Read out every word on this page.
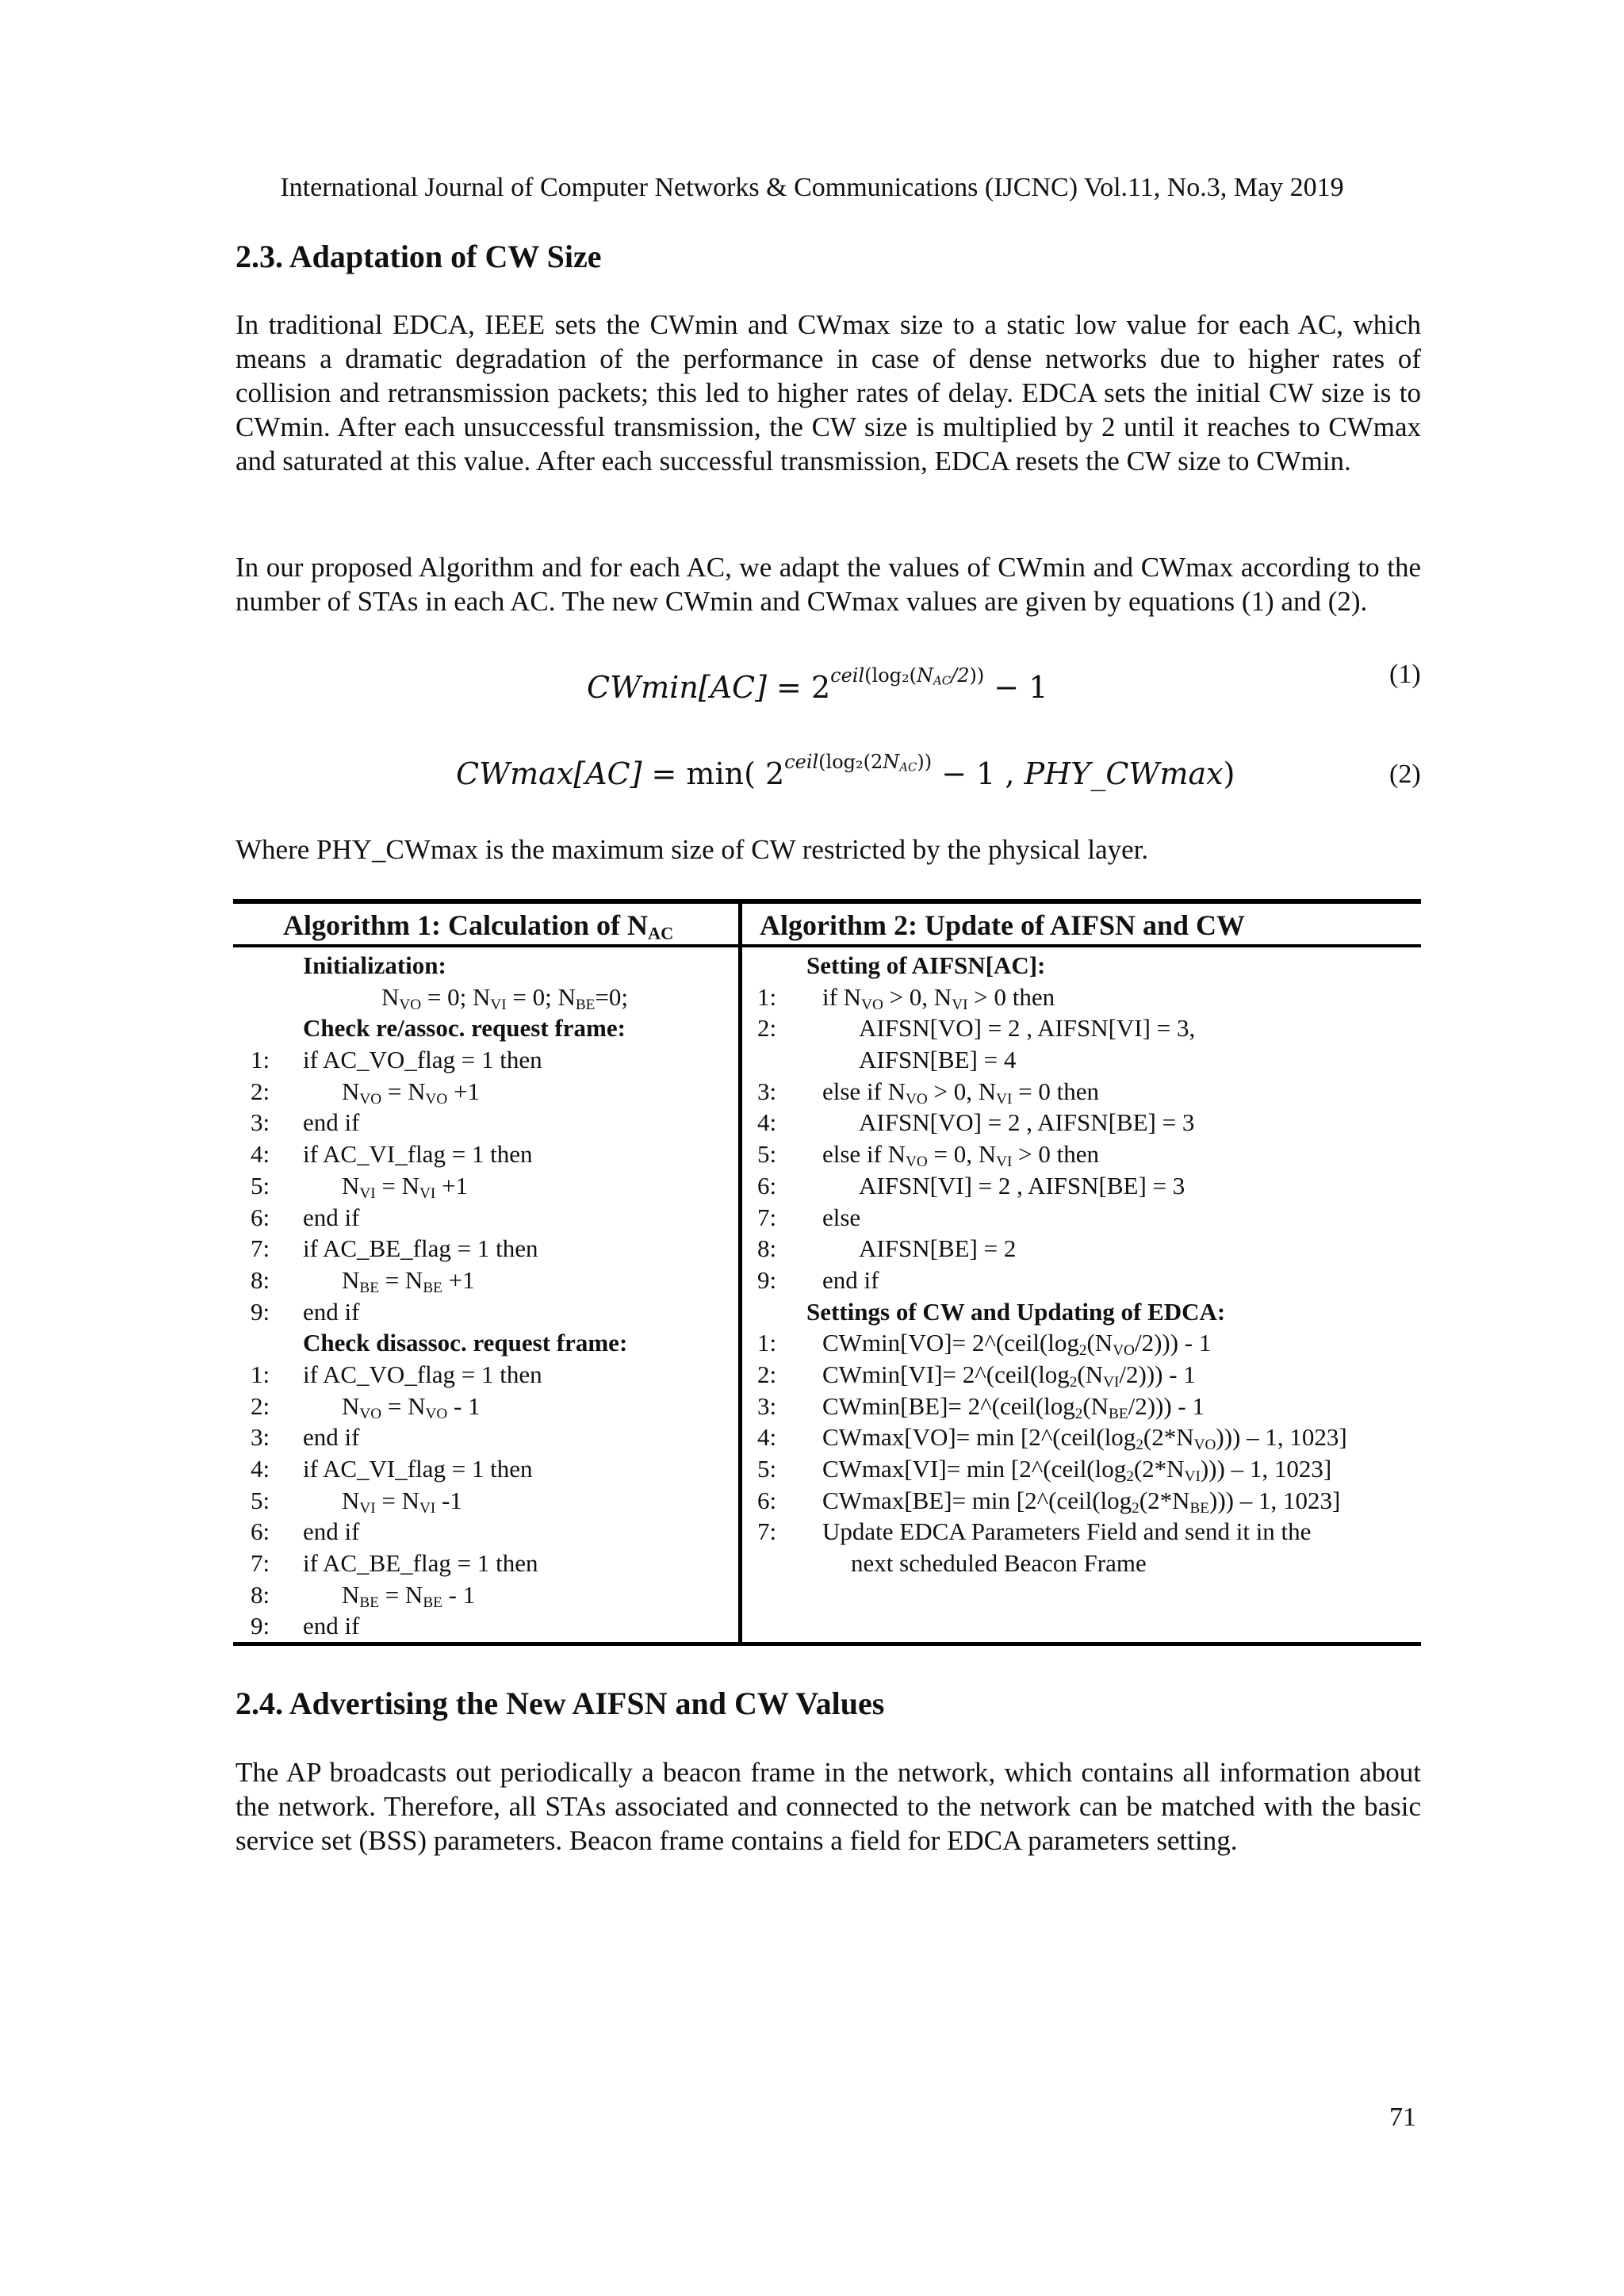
International Journal of Computer Networks & Communications (IJCNC) Vol.11, No.3, May 2019
2.3. Adaptation of CW Size
In traditional EDCA, IEEE sets the CWmin and CWmax size to a static low value for each AC, which means a dramatic degradation of the performance in case of dense networks due to higher rates of collision and retransmission packets; this led to higher rates of delay. EDCA sets the initial CW size is to CWmin. After each unsuccessful transmission, the CW size is multiplied by 2 until it reaches to CWmax and saturated at this value. After each successful transmission, EDCA resets the CW size to CWmin.
In our proposed Algorithm and for each AC, we adapt the values of CWmin and CWmax according to the number of STAs in each AC. The new CWmin and CWmax values are given by equations (1) and (2).
$CWmin[AC] = 2^{ceil(log_2(N_{AC}/2))} - 1$	(1)
CWmax[AC] = min( $2^{ceil(log_2(2N_{AC}))} - 1$ , PHY_CWmax)	(2)
Where PHY_CWmax is the maximum size of CW restricted by the physical layer.
Algorithm 1: Calculation of $N_{AC}$	Algorithm 2: Update of AIFSN and CW
Initialization:
$N_{VO} = 0$; $N_{VI} = 0$; $N_{BE}=0$;
Check re/assoc. request frame:
1: if AC_VO_flag = 1 then
2:	$N_{VO} = N_{VO} +1$
3: end if
4: if AC_VI_flag = 1 then
5:	$N_{VI} = N_{VI} +1$
6: end if
7: if AC_BE_flag = 1 then
8:	$N_{BE} = N_{BE} +1$
9: end if
Check disassoc. request frame:
1: if AC_VO_flag = 1 then
2:	$N_{VO} = N_{VO} - 1$
3: end if
4: if AC_VI_flag = 1 then
5:	$N_{VI} = N_{VI}$ -1
6: end if
7: if AC_BE_flag = 1 then
8:	$N_{BE} = N_{BE} - 1$
9: end if
Setting of AIFSN[AC]:
1: if $N_{VO} > 0$, $N_{VI} > 0$ then
2:	AIFSN[VO] = 2 , AIFSN[VI] = 3,
AIFSN[BE] = 4
3: else if $N_{VO} > 0$, $N_{VI} = 0$ then
4:	AIFSN[VO] = 2 , AIFSN[BE] = 3
5: else if $N_{VO} = 0$, $N_{VI} > 0$ then
6:	AIFSN[VI] = 2 , AIFSN[BE] = 3
7: else
8:	AIFSN[BE] = 2
9: end if
Settings of CW and Updating of EDCA:
1: $CWmin[VO]= 2\^{}(ceil(\log_2(N_{VO}/2))) - 1$
2: $CWmin[VI]= 2\^{}(ceil(\log_2(N_{VI}/2))) - 1$
3: $CWmin[BE]= 2\^{}(ceil(\log_2(N_{BE}/2))) - 1$
4: $CWmax[VO]= \min [2\^{}(ceil(\log_2(2*N_{VO}))) - 1$, 1023]
5: $CWmax[VI]= \min [2\^{}(ceil(\log_2(2*N_{VI}))) - 1$, 1023]
6: $CWmax[BE]= \min [2\^{}(ceil(\log_2(2*N_{BE}))) - 1$, 1023]
7: Update EDCA Parameters Field and send it in the
next scheduled Beacon Frame
2.4. Advertising the New AIFSN and CW Values
The AP broadcasts out periodically a beacon frame in the network, which contains all information about the network. Therefore, all STAs associated and connected to the network can be matched with the basic service set (BSS) parameters. Beacon frame contains a field for EDCA parameters setting.
71
